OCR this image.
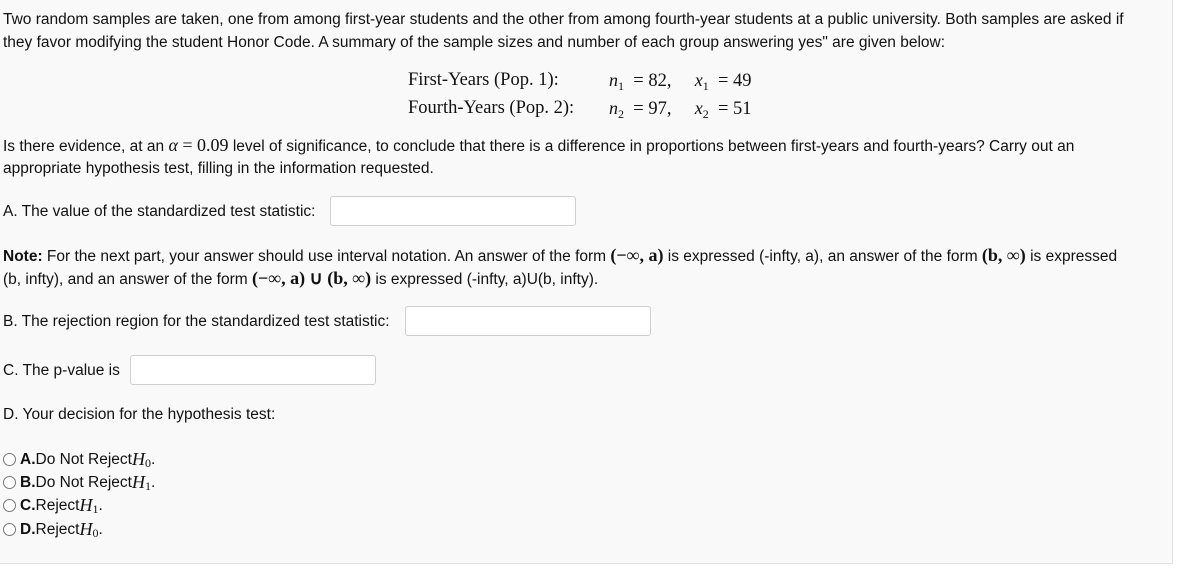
Two random samples are taken, one from among first-year students and the other from among fourth-year students at a public university. Both samples are asked if
they favor modifying the student Honor Code. A summary of the sample sizes and number of each group answering yes" are given below:
First-Years (Pop. 1):	$n_1 = 82$, $x_1 = 49$
Fourth-Years (Pop. 2): $n_2 = 97$, $x_2 = 51$
Is there evidence, at an α = 0.09 level of significance, to conclude that there is a difference in proportions between first-years and fourth-years? Carry out an
appropriate hypothesis test, filling in the information requested.
A. The value of the standardized test statistic:
Note: For the next part, your answer should use interval notation. An answer of the form (−∞, a) is expressed (-infty, a), an answer of the form (b, ∞) is expressed
(b, infty), and an answer of the form (−∞, a) ∪ (b, ∞) is expressed (-infty, a)U(b, infty).
B. The rejection region for the standardized test statistic:
C. The p-value is
D. Your decision for the hypothesis test:
A. Do Not Reject H 0 .
B. Do Not Reject H 1 .
C. Reject H 1 .
D. Reject H 0 .
